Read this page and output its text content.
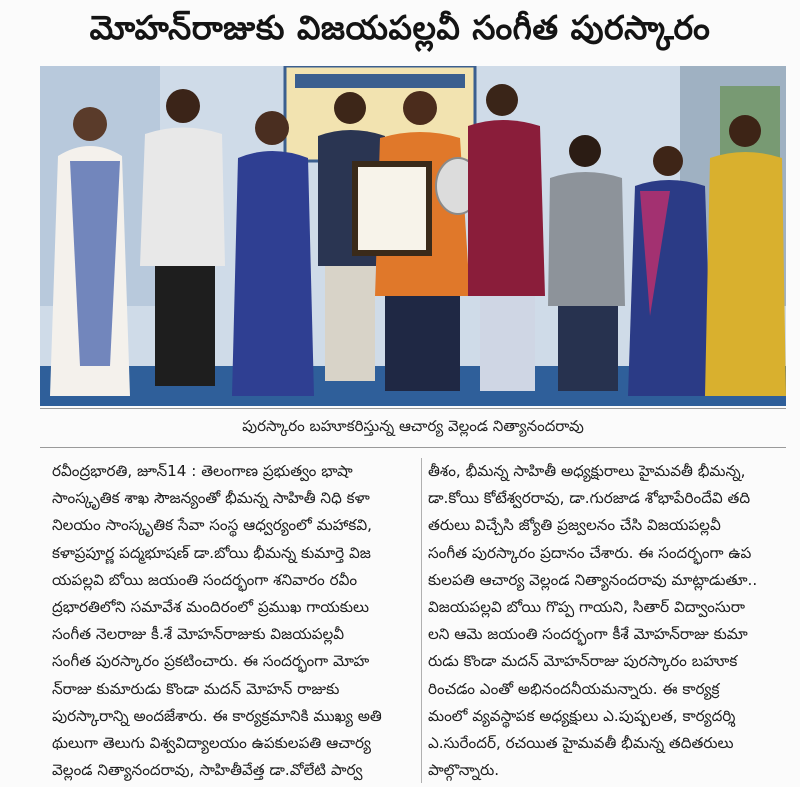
మోహన్‌రాజుకు విజయపల్లవీ సంగీత పురస్కారం
పురస్కారం బహూకరిస్తున్న ఆచార్య వెల్లండ నిత్యానందరావు
రవీంద్రభారతి, జూన్14 : తెలంగాణ ప్రభుత్వం భాషా
సాంస్కృతిక శాఖ సౌజన్యంతో భీమన్న సాహితీ నిధి కళా
నిలయం సాంస్కృతిక సేవా సంస్థ ఆధ్వర్యంలో మహాకవి,
కళాప్రపూర్ణ పద్మభూషణ్ డా.బోయి భీమన్న కుమార్తె విజ
యపల్లవి బోయి జయంతి సందర్భంగా శనివారం రవీం
ద్రభారతిలోని సమావేశ మందిరంలో ప్రముఖ గాయకులు
సంగీత నెలరాజు కీ.శే మోహన్‌రాజుకు విజయపల్లవీ
సంగీత పురస్కారం ప్రకటించారు. ఈ సందర్భంగా మోహ
న్‌రాజు కుమారుడు కొండా మదన్ మోహన్ రాజుకు
పురస్కారాన్ని అందజేశారు. ఈ కార్యక్రమానికి ముఖ్య అతి
థులుగా తెలుగు విశ్వవిద్యాలయం ఉపకులపతి ఆచార్య
వెల్లండ నిత్యానందరావు, సాహితీవేత్త డా.వోలేటి పార్వ
తీశం, భీమన్న సాహితీ అధ్యక్షురాలు హైమవతీ భీమన్న,
డా.కోయి కోటేశ్వరరావు, డా.గురజాడ శోభాపేరిందేవి తది
తరులు విచ్చేసి జ్యోతి ప్రజ్వలనం చేసి విజయపల్లవీ
సంగీత పురస్కారం ప్రదానం చేశారు. ఈ సందర్భంగా ఉప
కులపతి ఆచార్య వెల్లండ నిత్యానందరావు మాట్లాడుతూ..
విజయపల్లవి బోయి గొప్ప గాయని, సితార్ విద్వాంసురా
లని ఆమె జయంతి సందర్భంగా కీశే మోహన్‌రాజు కుమా
రుడు కొండా మదన్ మోహన్‌రాజు పురస్కారం బహూక
రించడం ఎంతో అభినందనీయమన్నారు. ఈ కార్యక్ర
మంలో వ్యవస్థాపక అధ్యక్షులు ఎ.పుష్పలత, కార్యదర్శి
ఎ.సురేందర్, రచయిత హైమవతీ భీమన్న తదితరులు
పాల్గొన్నారు.
